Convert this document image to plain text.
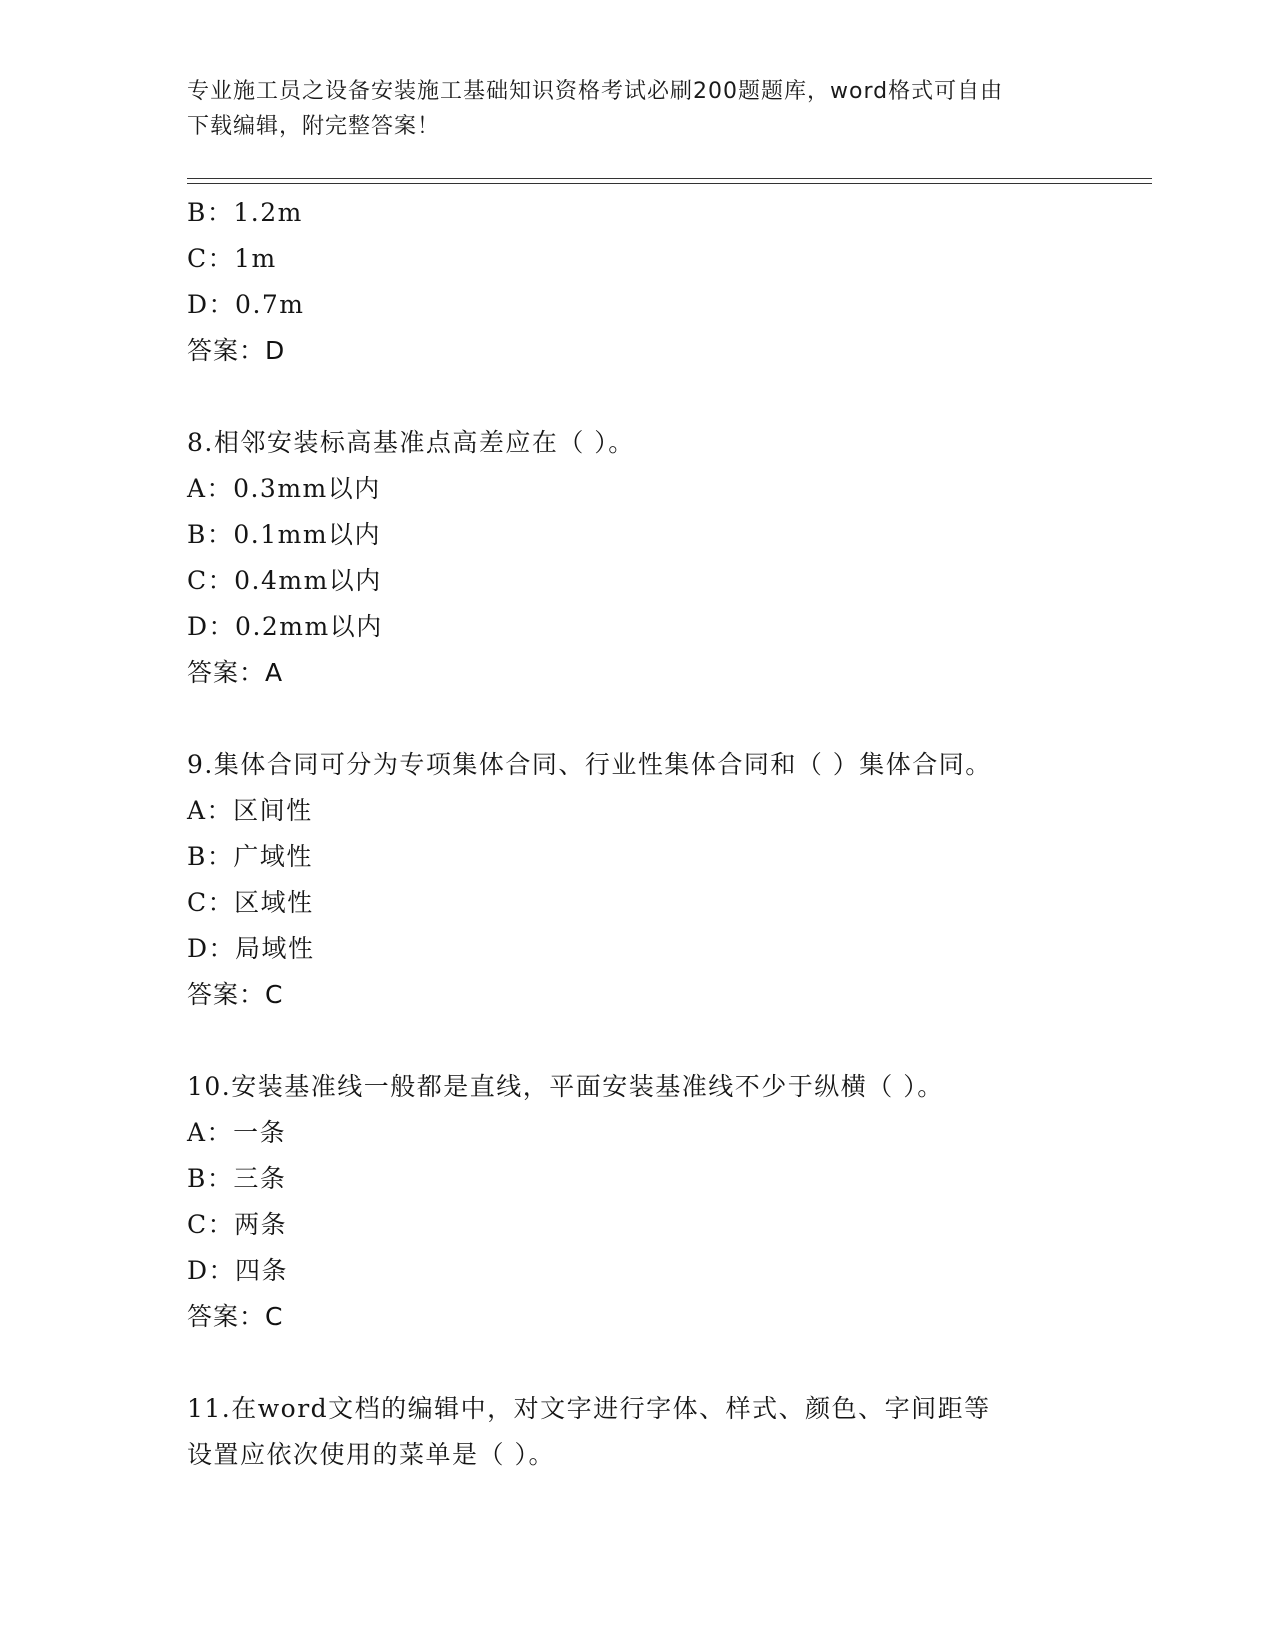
专业施工员之设备安装施工基础知识资格考试必刷200题题库，word格式可自由
下载编辑，附完整答案！
B：1.2m
C：1m
D：0.7m
答案：D
8.相邻安装标高基准点高差应在（ ）。
A：0.3mm以内
B：0.1mm以内
C：0.4mm以内
D：0.2mm以内
答案：A
9.集体合同可分为专项集体合同、行业性集体合同和（ ）集体合同。
A：区间性
B：广域性
C：区域性
D：局域性
答案：C
10.安装基准线一般都是直线，平面安装基准线不少于纵横（ ）。
A：一条
B：三条
C：两条
D：四条
答案：C
11.在word文档的编辑中，对文字进行字体、样式、颜色、字间距等
设置应依次使用的菜单是（ ）。
